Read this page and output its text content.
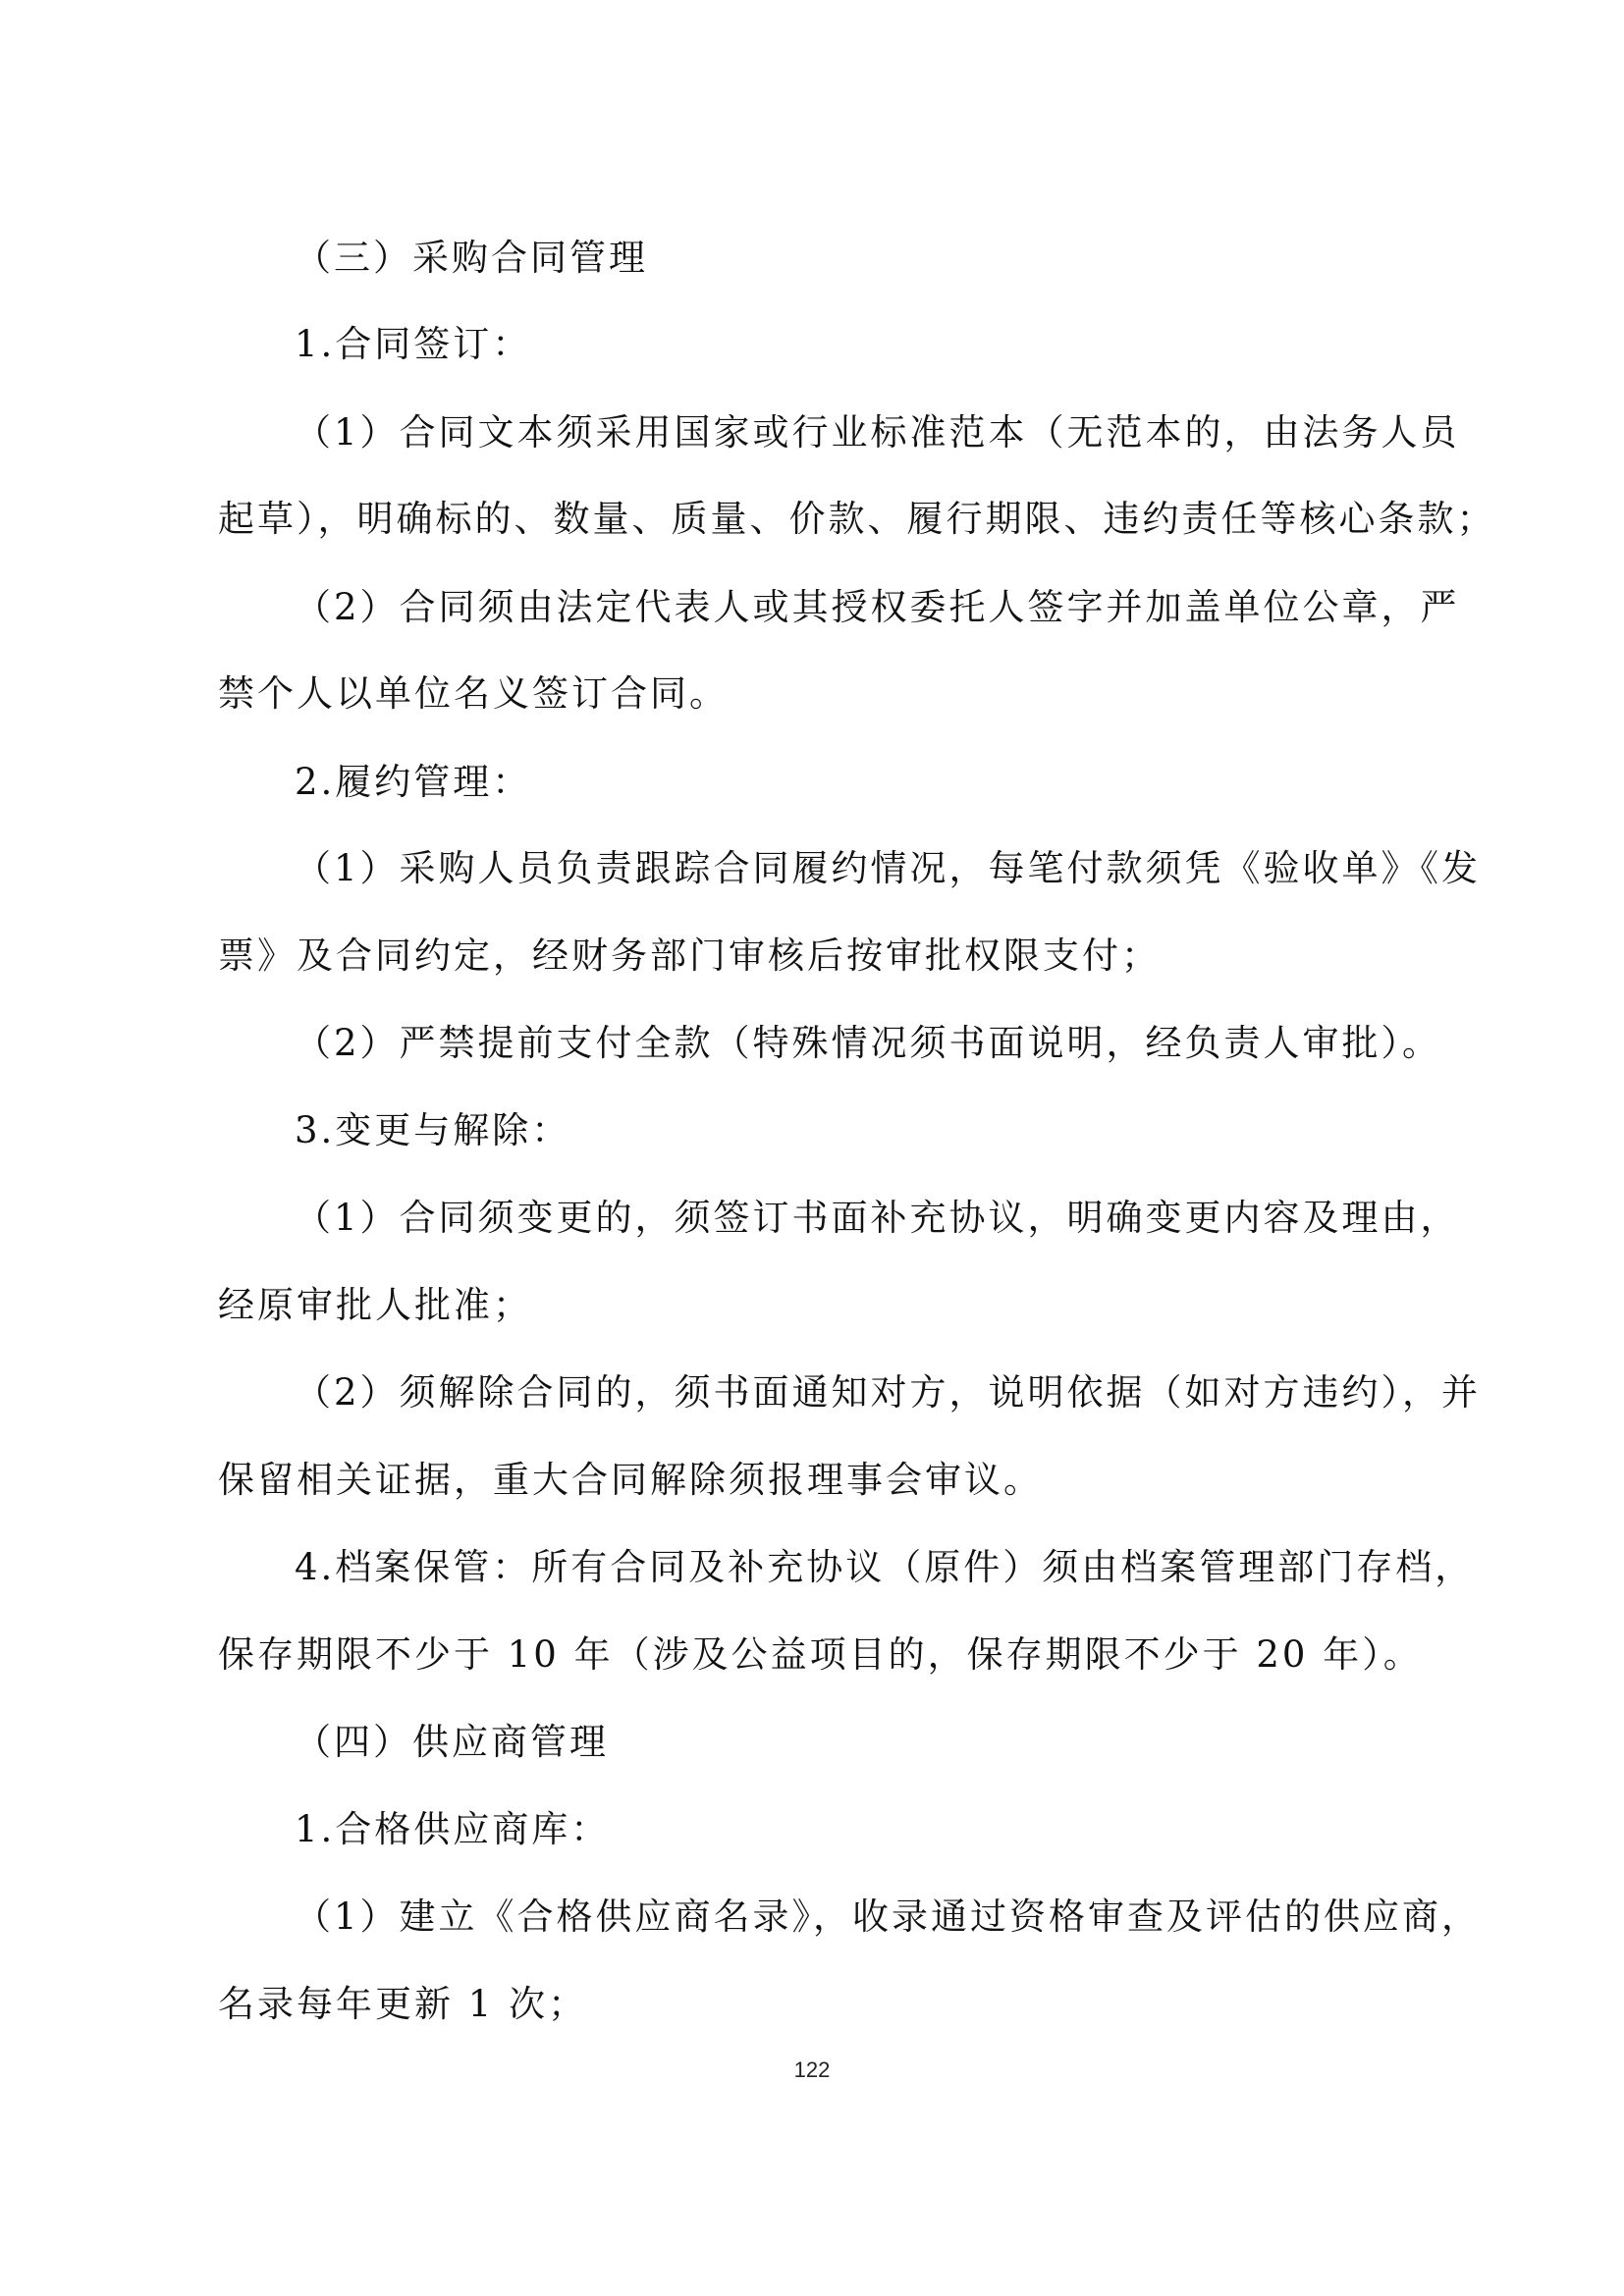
（三）采购合同管理
1.合同签订：
（1）合同文本须采用国家或行业标准范本（无范本的，由法务人员
起草），明确标的、数量、质量、价款、履行期限、违约责任等核心条款；
（2）合同须由法定代表人或其授权委托人签字并加盖单位公章，严
禁个人以单位名义签订合同。
2.履约管理：
（1）采购人员负责跟踪合同履约情况，每笔付款须凭《验收单》《发
票》及合同约定，经财务部门审核后按审批权限支付；
（2）严禁提前支付全款（特殊情况须书面说明，经负责人审批）。
3.变更与解除：
（1）合同须变更的，须签订书面补充协议，明确变更内容及理由，
经原审批人批准；
（2）须解除合同的，须书面通知对方，说明依据（如对方违约），并
保留相关证据，重大合同解除须报理事会审议。
4.档案保管：所有合同及补充协议（原件）须由档案管理部门存档，
保存期限不少于 10 年（涉及公益项目的，保存期限不少于 20 年）。
（四）供应商管理
1.合格供应商库：
（1）建立《合格供应商名录》，收录通过资格审查及评估的供应商，
名录每年更新 1 次；
122
